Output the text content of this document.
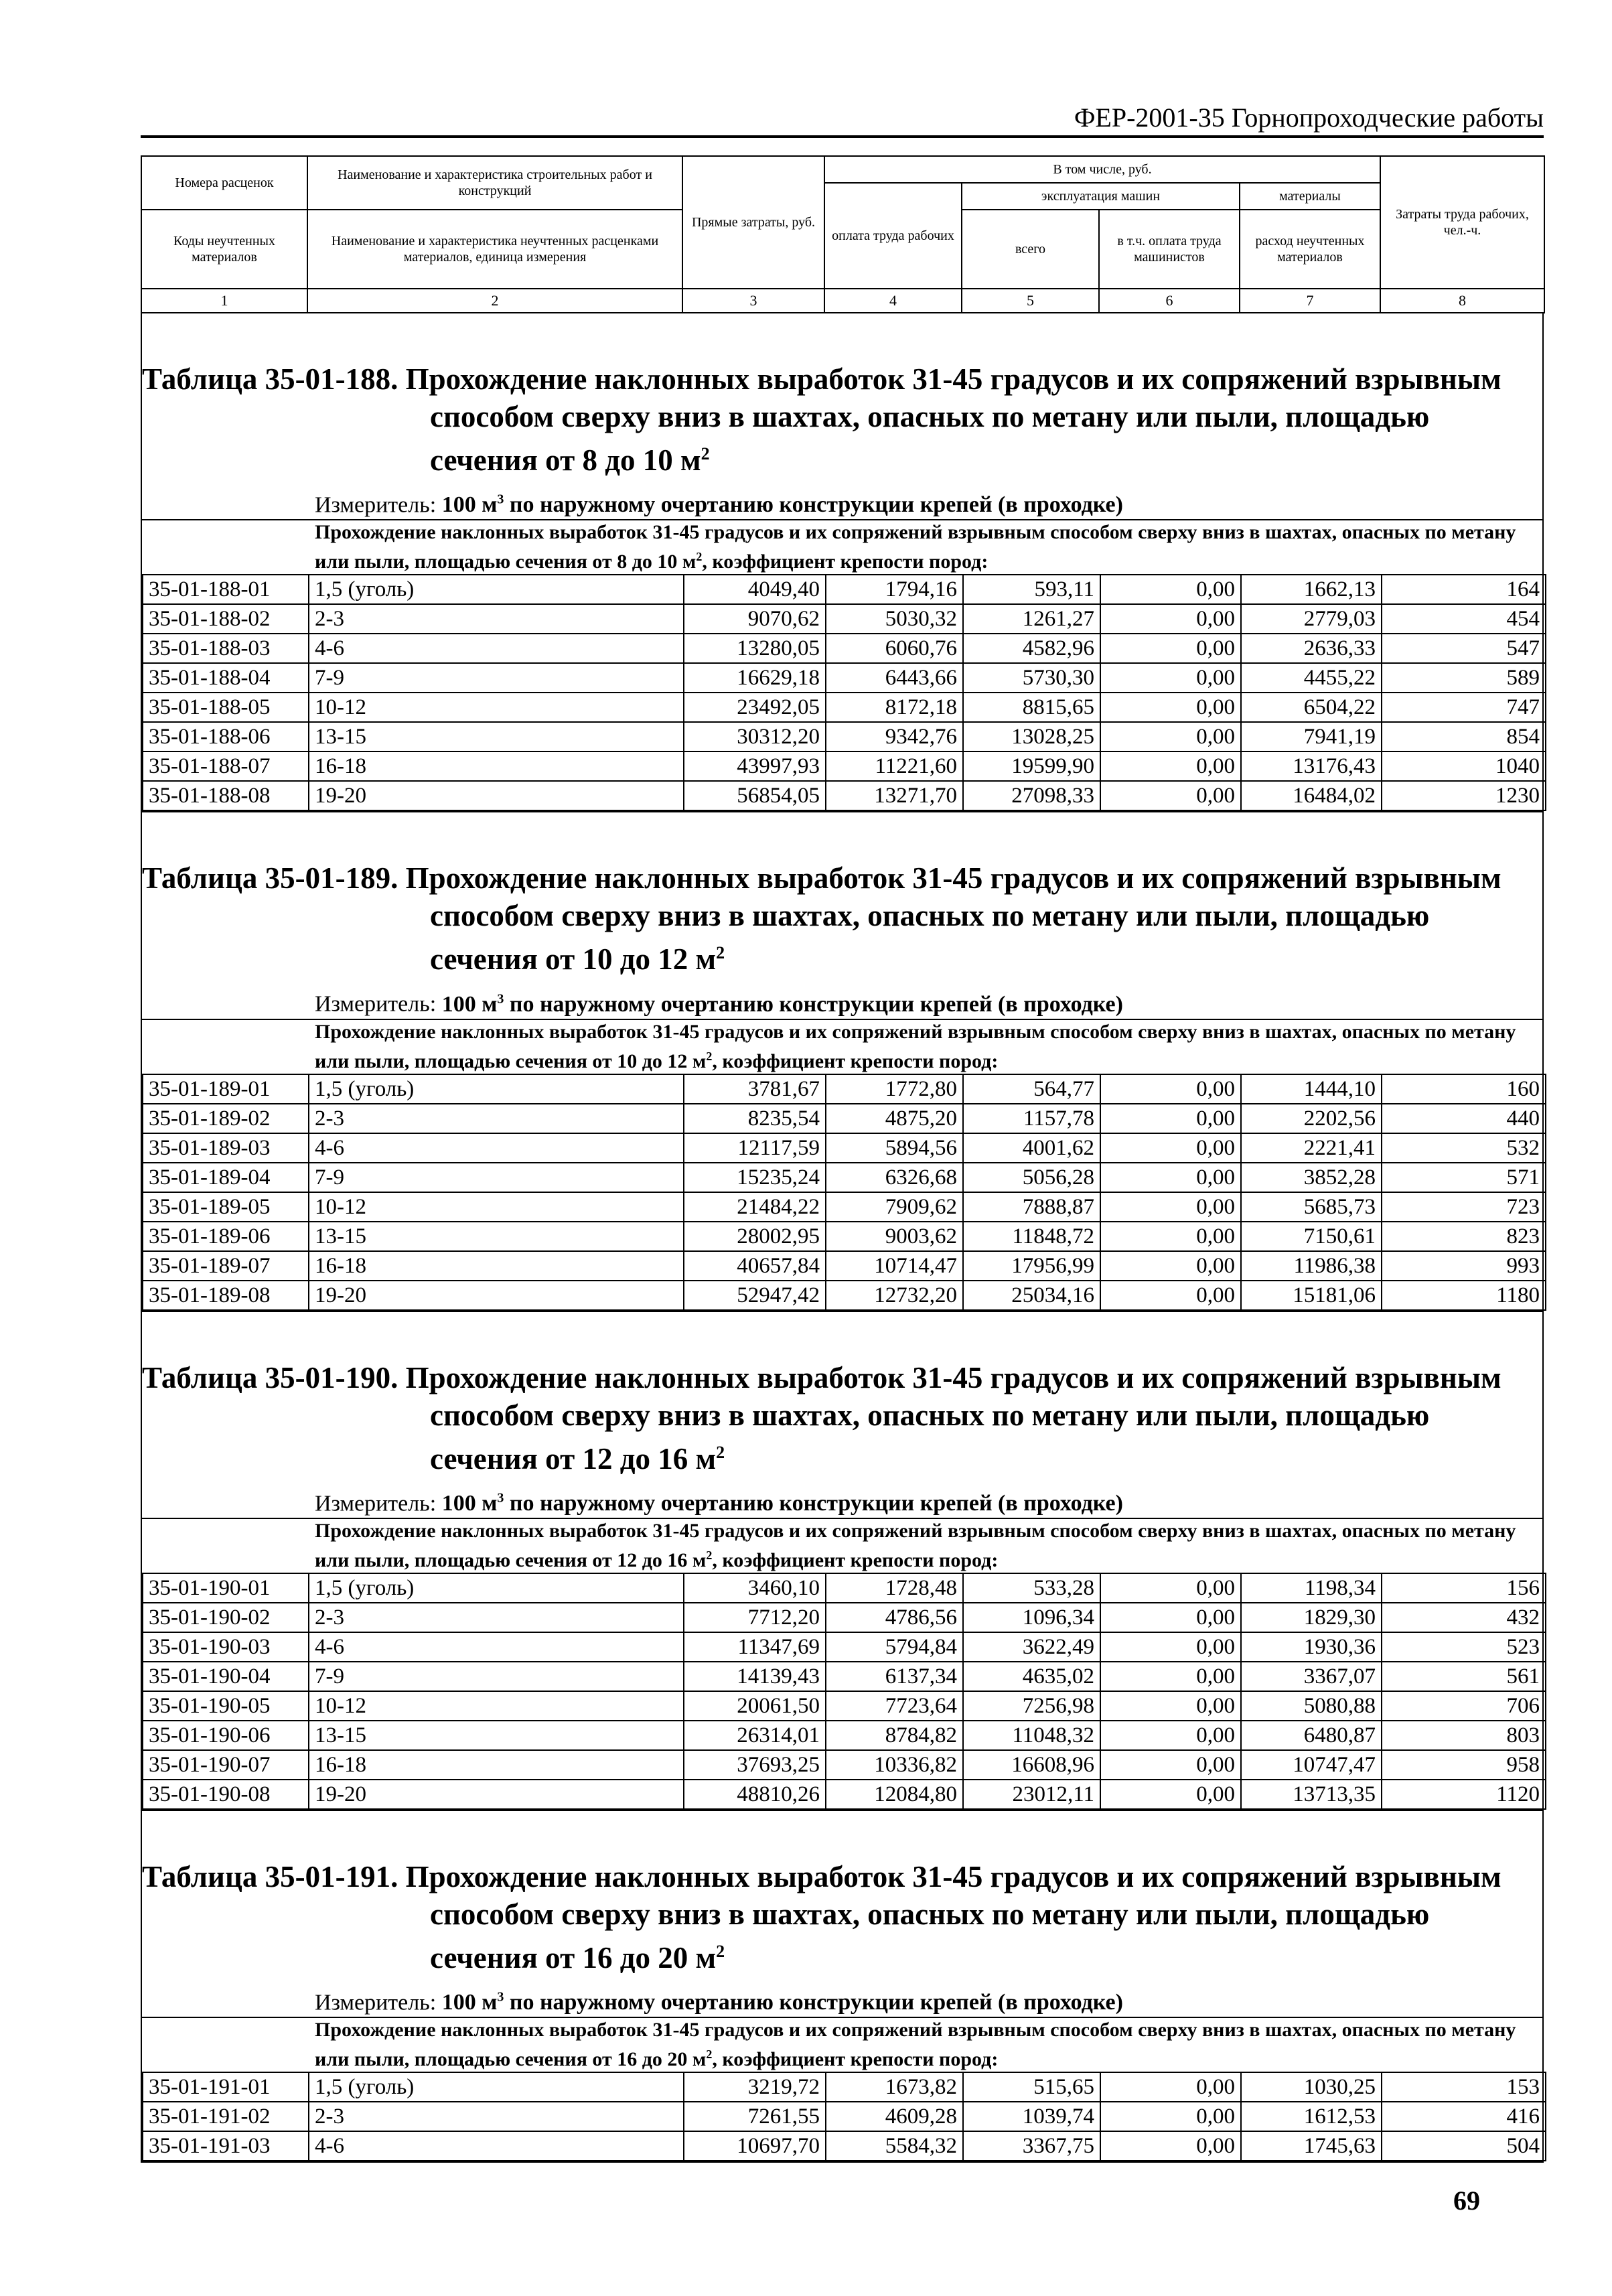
ФЕР-2001-35 Горнопроходческие работы
Номера расценок	Наименование и характеристика строительных работ и конструкций	Прямые затраты, руб.	В том числе, руб.				Затраты труда рабочих, чел.-ч.
			оплата труда рабочих	эксплуатация машин		материалы	
Коды неучтенных материалов	Наименование и характеристика неучтенных расценками материалов, единица измерения			всего	в т.ч. оплата труда машинистов	расход неучтенных материалов	

1	2	3	4	5	6	7	8

Таблица 35-01-188. Прохождение наклонных выработок 31-45 градусов и их сопряжений взрывным способом сверху вниз в шахтах, опасных по метану или пыли, площадью сечения от 8 до 10 $м^2$

Измеритель: 100 $м^3$ по наружному очертанию конструкции крепей (в проходке)
Прохождение наклонных выработок 31-45 градусов и их сопряжений взрывным способом сверху вниз в шахтах, опасных по метану или пыли, площадью сечения от 8 до 10 $м^2$, коэффициент крепости пород:
35-01-188-01	1,5 (уголь)	4049,40	1794,16	593,11	0,00	1662,13	164
35-01-188-02	2-3	9070,62	5030,32	1261,27	0,00	2779,03	454
35-01-188-03	4-6	13280,05	6060,76	4582,96	0,00	2636,33	547
35-01-188-04	7-9	16629,18	6443,66	5730,30	0,00	4455,22	589
35-01-188-05	10-12	23492,05	8172,18	8815,65	0,00	6504,22	747
35-01-188-06	13-15	30312,20	9342,76	13028,25	0,00	7941,19	854
35-01-188-07	16-18	43997,93	11221,60	19599,90	0,00	13176,43	1040
35-01-188-08	19-20	56854,05	13271,70	27098,33	0,00	16484,02	1230

Таблица 35-01-189. Прохождение наклонных выработок 31-45 градусов и их сопряжений взрывным способом сверху вниз в шахтах, опасных по метану или пыли, площадью сечения от 10 до 12 $м^2$

Измеритель: 100 $м^3$ по наружному очертанию конструкции крепей (в проходке)
Прохождение наклонных выработок 31-45 градусов и их сопряжений взрывным способом сверху вниз в шахтах, опасных по метану или пыли, площадью сечения от 10 до 12 $м^2$, коэффициент крепости пород:
35-01-189-01	1,5 (уголь)	3781,67	1772,80	564,77	0,00	1444,10	160
35-01-189-02	2-3	8235,54	4875,20	1157,78	0,00	2202,56	440
35-01-189-03	4-6	12117,59	5894,56	4001,62	0,00	2221,41	532
35-01-189-04	7-9	15235,24	6326,68	5056,28	0,00	3852,28	571
35-01-189-05	10-12	21484,22	7909,62	7888,87	0,00	5685,73	723
35-01-189-06	13-15	28002,95	9003,62	11848,72	0,00	7150,61	823
35-01-189-07	16-18	40657,84	10714,47	17956,99	0,00	11986,38	993
35-01-189-08	19-20	52947,42	12732,20	25034,16	0,00	15181,06	1180

Таблица 35-01-190. Прохождение наклонных выработок 31-45 градусов и их сопряжений взрывным способом сверху вниз в шахтах, опасных по метану или пыли, площадью сечения от 12 до 16 $м^2$

Измеритель: 100 $м^3$ по наружному очертанию конструкции крепей (в проходке)
Прохождение наклонных выработок 31-45 градусов и их сопряжений взрывным способом сверху вниз в шахтах, опасных по метану или пыли, площадью сечения от 12 до 16 $м^2$, коэффициент крепости пород:
35-01-190-01	1,5 (уголь)	3460,10	1728,48	533,28	0,00	1198,34	156
35-01-190-02	2-3	7712,20	4786,56	1096,34	0,00	1829,30	432
35-01-190-03	4-6	11347,69	5794,84	3622,49	0,00	1930,36	523
35-01-190-04	7-9	14139,43	6137,34	4635,02	0,00	3367,07	561
35-01-190-05	10-12	20061,50	7723,64	7256,98	0,00	5080,88	706
35-01-190-06	13-15	26314,01	8784,82	11048,32	0,00	6480,87	803
35-01-190-07	16-18	37693,25	10336,82	16608,96	0,00	10747,47	958
35-01-190-08	19-20	48810,26	12084,80	23012,11	0,00	13713,35	1120

Таблица 35-01-191. Прохождение наклонных выработок 31-45 градусов и их сопряжений взрывным способом сверху вниз в шахтах, опасных по метану или пыли, площадью сечения от 16 до 20 $м^2$

Измеритель: 100 $м^3$ по наружному очертанию конструкции крепей (в проходке)
Прохождение наклонных выработок 31-45 градусов и их сопряжений взрывным способом сверху вниз в шахтах, опасных по метану или пыли, площадью сечения от 16 до 20 $м^2$, коэффициент крепости пород:
35-01-191-01	1,5 (уголь)	3219,72	1673,82	515,65	0,00	1030,25	153
35-01-191-02	2-3	7261,55	4609,28	1039,74	0,00	1612,53	416
35-01-191-03	4-6	10697,70	5584,32	3367,75	0,00	1745,63	504
69
